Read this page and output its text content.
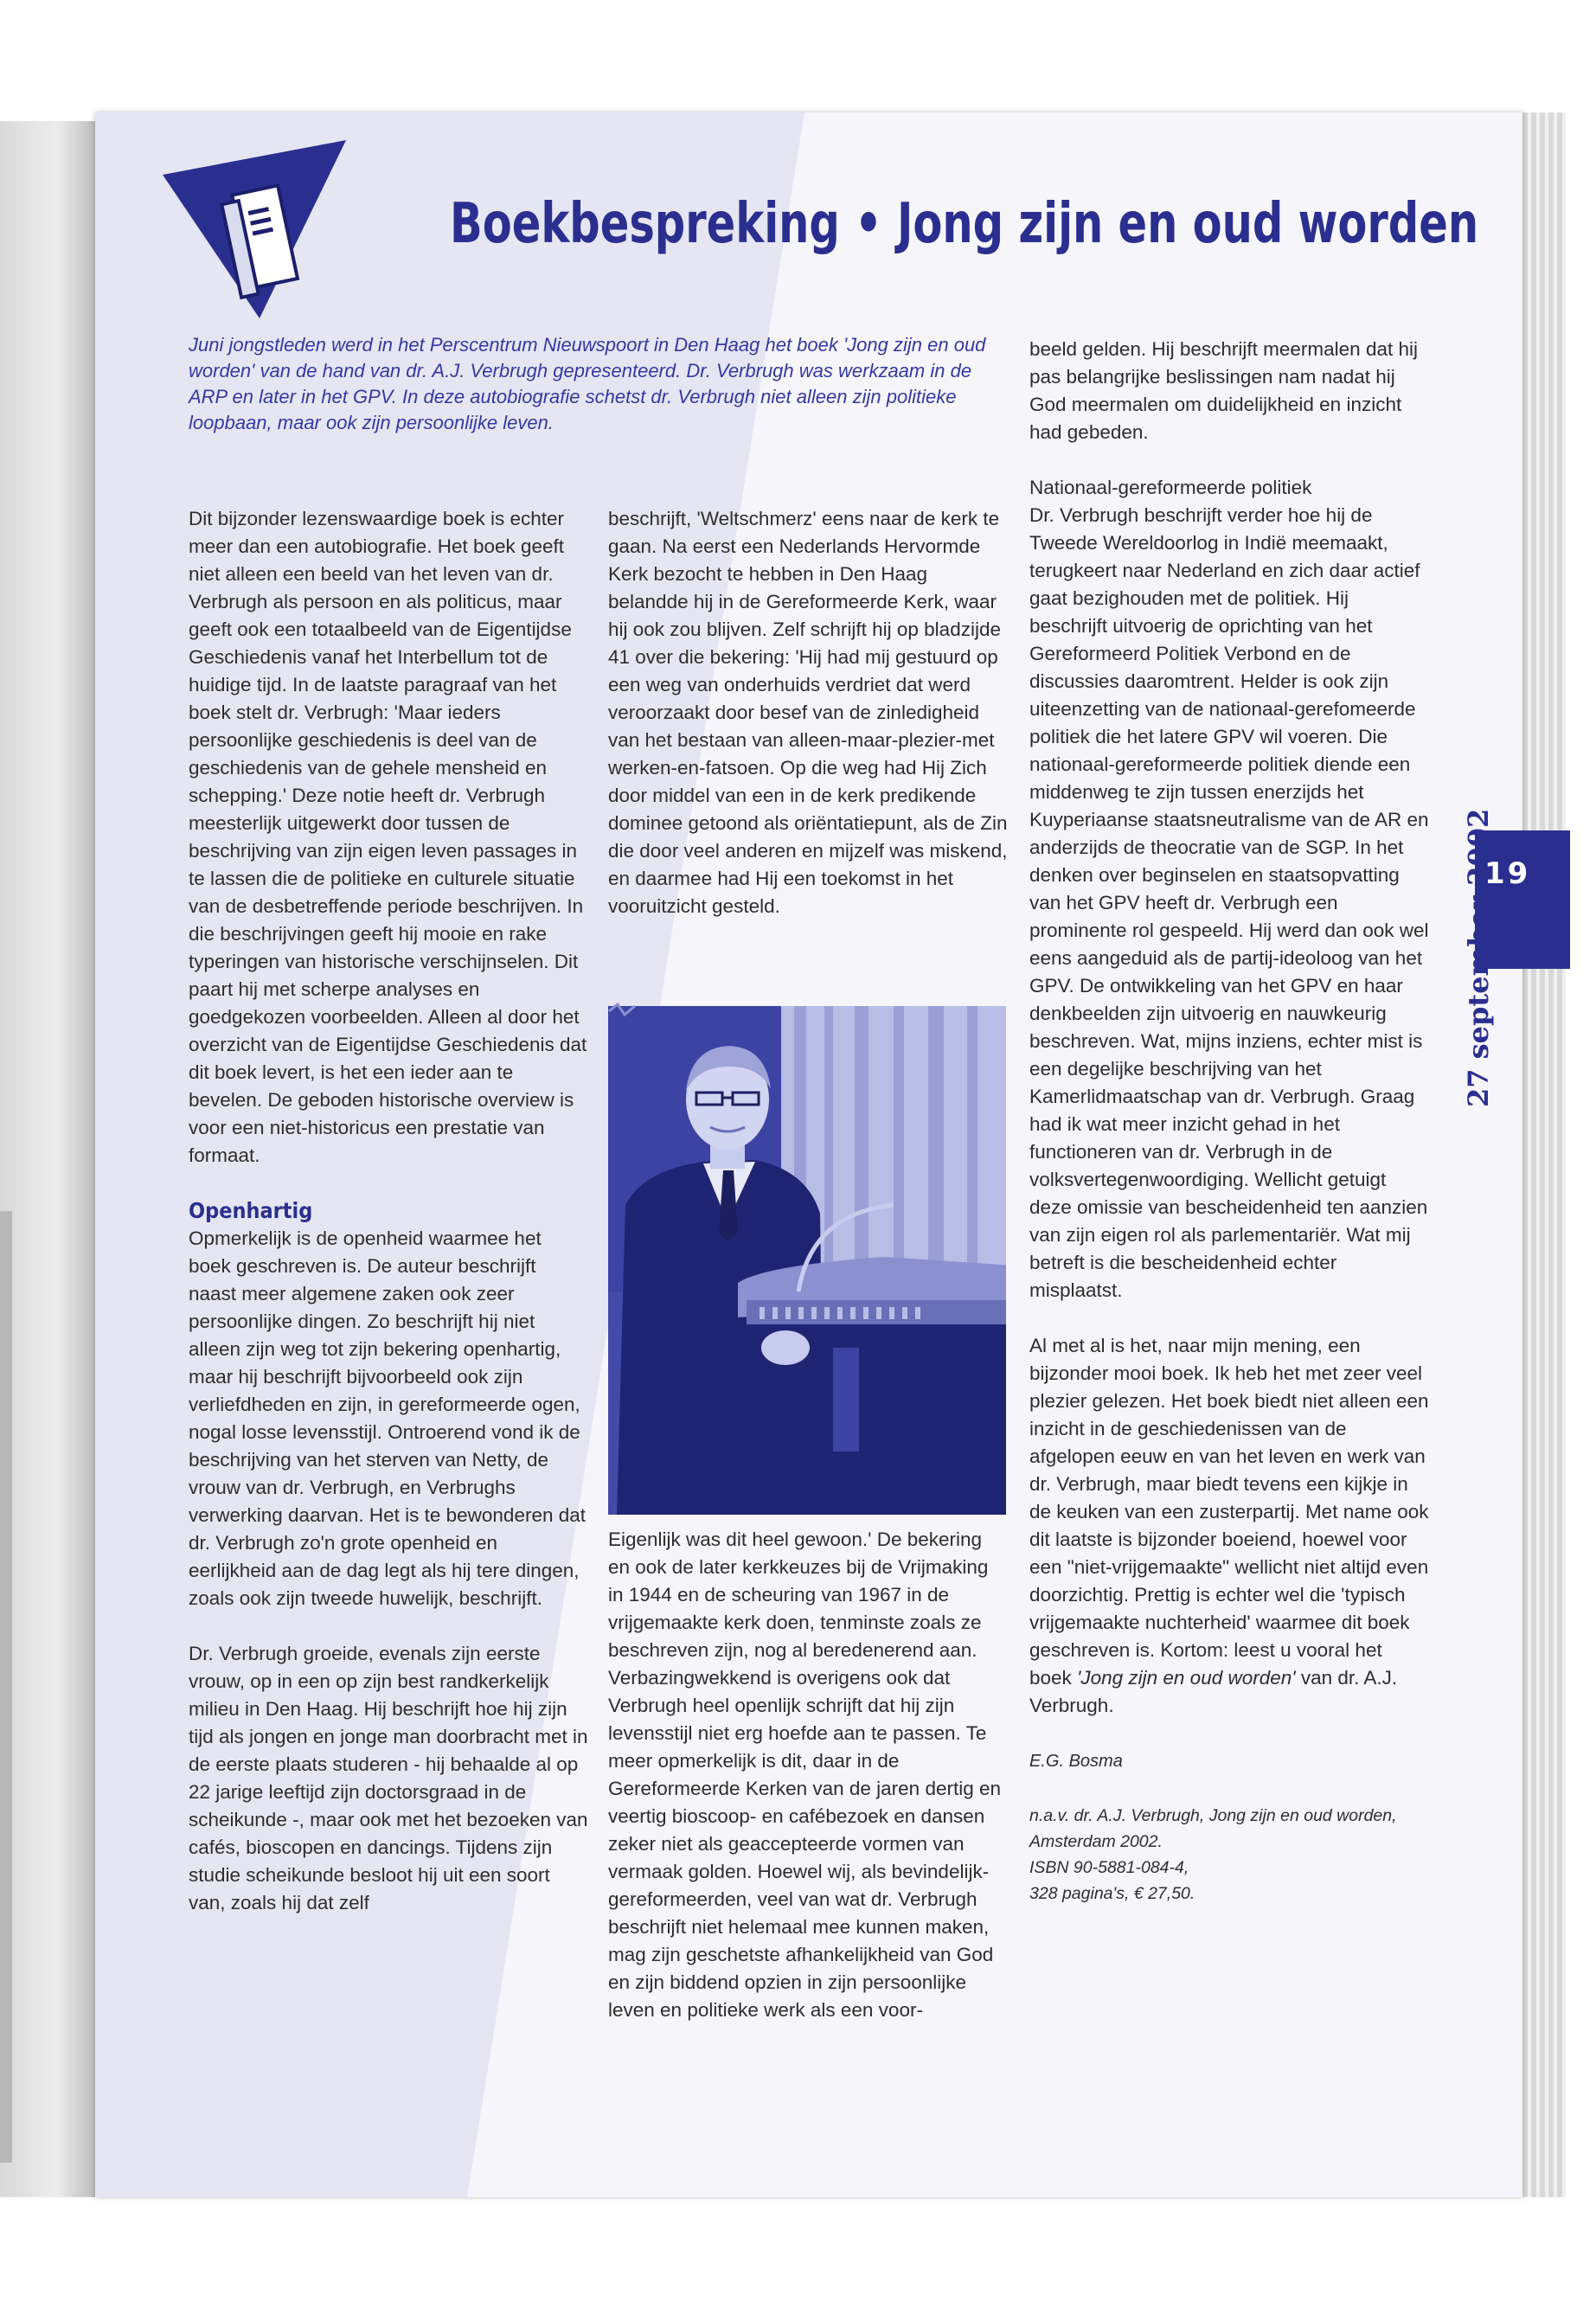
19
27 september 2002
Boekbespreking • Jong zijn en oud worden
Juni jongstleden werd in het Perscentrum Nieuwspoort in Den Haag het boek 'Jong zijn en oud worden' van de hand van dr. A.J. Verbrugh gepresenteerd. Dr. Verbrugh was werkzaam in de ARP en later in het GPV. In deze autobiografie schetst dr. Verbrugh niet alleen zijn politieke loopbaan, maar ook zijn persoonlijke leven.

Dit bijzonder lezenswaardige boek is echter meer dan een autobiografie. Het boek geeft niet alleen een beeld van het leven van dr. Verbrugh als persoon en als politicus, maar geeft ook een totaalbeeld van de Eigentijdse Geschiedenis vanaf het Interbellum tot de huidige tijd. In de laatste paragraaf van het boek stelt dr. Verbrugh: 'Maar ieders persoonlijke geschiedenis is deel van de geschiedenis van de gehele mensheid en schepping.' Deze notie heeft dr. Verbrugh meesterlijk uitgewerkt door tussen de beschrijving van zijn eigen leven passages in te lassen die de politieke en culturele situatie van de desbetreffende periode beschrijven. In die beschrijvingen geeft hij mooie en rake typeringen van historische verschijnselen. Dit paart hij met scherpe analyses en goedgekozen voorbeelden. Alleen al door het overzicht van de Eigentijdse Geschiedenis dat dit boek levert, is het een ieder aan te bevelen. De geboden historische overview is voor een niet-historicus een prestatie van formaat.

Openhartig

Opmerkelijk is de openheid waarmee het boek geschreven is. De auteur beschrijft naast meer algemene zaken ook zeer persoonlijke dingen. Zo beschrijft hij niet alleen zijn weg tot zijn bekering openhartig, maar hij beschrijft bijvoorbeeld ook zijn verliefdheden en zijn, in gereformeerde ogen, nogal losse levensstijl. Ontroerend vond ik de beschrijving van het sterven van Netty, de vrouw van dr. Verbrugh, en Verbrughs verwerking daarvan. Het is te bewonderen dat dr. Verbrugh zo'n grote openheid en eerlijkheid aan de dag legt als hij tere dingen, zoals ook zijn tweede huwelijk, beschrijft.

Dr. Verbrugh groeide, evenals zijn eerste vrouw, op in een op zijn best randkerkelijk milieu in Den Haag. Hij beschrijft hoe hij zijn tijd als jongen en jonge man doorbracht met in de eerste plaats studeren - hij behaalde al op 22 jarige leeftijd zijn doctorsgraad in de scheikunde -, maar ook met het bezoeken van cafés, bioscopen en dancings. Tijdens zijn studie scheikunde besloot hij uit een soort van, zoals hij dat zelf

beschrijft, 'Weltschmerz' eens naar de kerk te gaan. Na eerst een Nederlands Hervormde Kerk bezocht te hebben in Den Haag belandde hij in de Gereformeerde Kerk, waar hij ook zou blijven. Zelf schrijft hij op bladzijde 41 over die bekering: 'Hij had mij gestuurd op een weg van onderhuids verdriet dat werd veroorzaakt door besef van de zinledigheid van het bestaan van alleen-maar-plezier-met werken-en-fatsoen. Op die weg had Hij Zich door middel van een in de kerk predikende dominee getoond als oriëntatiepunt, als de Zin die door veel anderen en mijzelf was miskend, en daarmee had Hij een toekomst in het vooruitzicht gesteld.

Eigenlijk was dit heel gewoon.' De bekering en ook de later kerkkeuzes bij de Vrijmaking in 1944 en de scheuring van 1967 in de vrijgemaakte kerk doen, tenminste zoals ze beschreven zijn, nog al beredenerend aan. Verbazingwekkend is overigens ook dat Verbrugh heel openlijk schrijft dat hij zijn levensstijl niet erg hoefde aan te passen. Te meer opmerkelijk is dit, daar in de Gereformeerde Kerken van de jaren dertig en veertig bioscoop- en cafébezoek en dansen zeker niet als geaccepteerde vormen van vermaak golden. Hoewel wij, als bevindelijk-gereformeerden, veel van wat dr. Verbrugh beschrijft niet helemaal mee kunnen maken, mag zijn geschetste afhankelijkheid van God en zijn biddend opzien in zijn persoonlijke leven en politieke werk als een voor-

beeld gelden. Hij beschrijft meermalen dat hij pas belangrijke beslissingen nam nadat hij God meermalen om duidelijkheid en inzicht had gebeden.

Nationaal-gereformeerde politiek

Dr. Verbrugh beschrijft verder hoe hij de Tweede Wereldoorlog in Indië meemaakt, terugkeert naar Nederland en zich daar actief gaat bezighouden met de politiek. Hij beschrijft uitvoerig de oprichting van het Gereformeerd Politiek Verbond en de discussies daaromtrent. Helder is ook zijn uiteenzetting van de nationaal-gerefomeerde politiek die het latere GPV wil voeren. Die nationaal-gereformeerde politiek diende een middenweg te zijn tussen enerzijds het Kuyperiaanse staatsneutralisme van de AR en anderzijds de theocratie van de SGP. In het denken over beginselen en staatsopvatting van het GPV heeft dr. Verbrugh een prominente rol gespeeld. Hij werd dan ook wel eens aangeduid als de partij-ideoloog van het GPV. De ontwikkeling van het GPV en haar denkbeelden zijn uitvoerig en nauwkeurig beschreven. Wat, mijns inziens, echter mist is een degelijke beschrijving van het Kamerlidmaatschap van dr. Verbrugh. Graag had ik wat meer inzicht gehad in het functioneren van dr. Verbrugh in de volksvertegenwoordiging. Wellicht getuigt deze omissie van bescheidenheid ten aanzien van zijn eigen rol als parlementariër. Wat mij betreft is die bescheidenheid echter misplaatst.

Al met al is het, naar mijn mening, een bijzonder mooi boek. Ik heb het met zeer veel plezier gelezen. Het boek biedt niet alleen een inzicht in de geschiedenissen van de afgelopen eeuw en van het leven en werk van dr. Verbrugh, maar biedt tevens een kijkje in de keuken van een zusterpartij. Met name ook dit laatste is bijzonder boeiend, hoewel voor een "niet-vrijgemaakte" wellicht niet altijd even doorzichtig. Prettig is echter wel die 'typisch vrijgemaakte nuchterheid' waarmee dit boek geschreven is. Kortom: leest u vooral het boek 'Jong zijn en oud worden' van dr. A.J. Verbrugh.

E.G. Bosma

n.a.v. dr. A.J. Verbrugh, Jong zijn en oud worden, Amsterdam 2002.
ISBN 90-5881-084-4,
328 pagina's, € 27,50.
